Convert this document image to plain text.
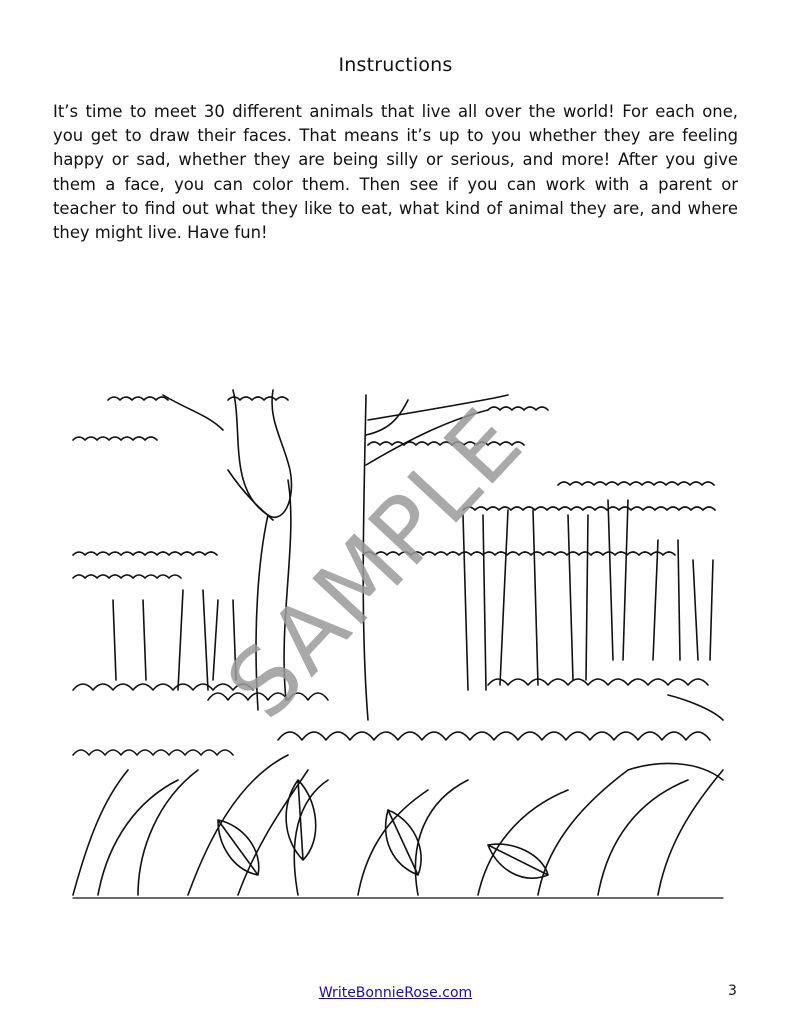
Instructions
It’s time to meet 30 different animals that live all over the world! For each one, you get to draw their faces. That means it’s up to you whether they are feeling happy or sad, whether they are being silly or serious, and more! After you give them a face, you can color them. Then see if you can work with a parent or teacher to find out what they like to eat, what kind of animal they are, and where they might live. Have fun!
SAMPLE
WriteBonnieRose.com	3
